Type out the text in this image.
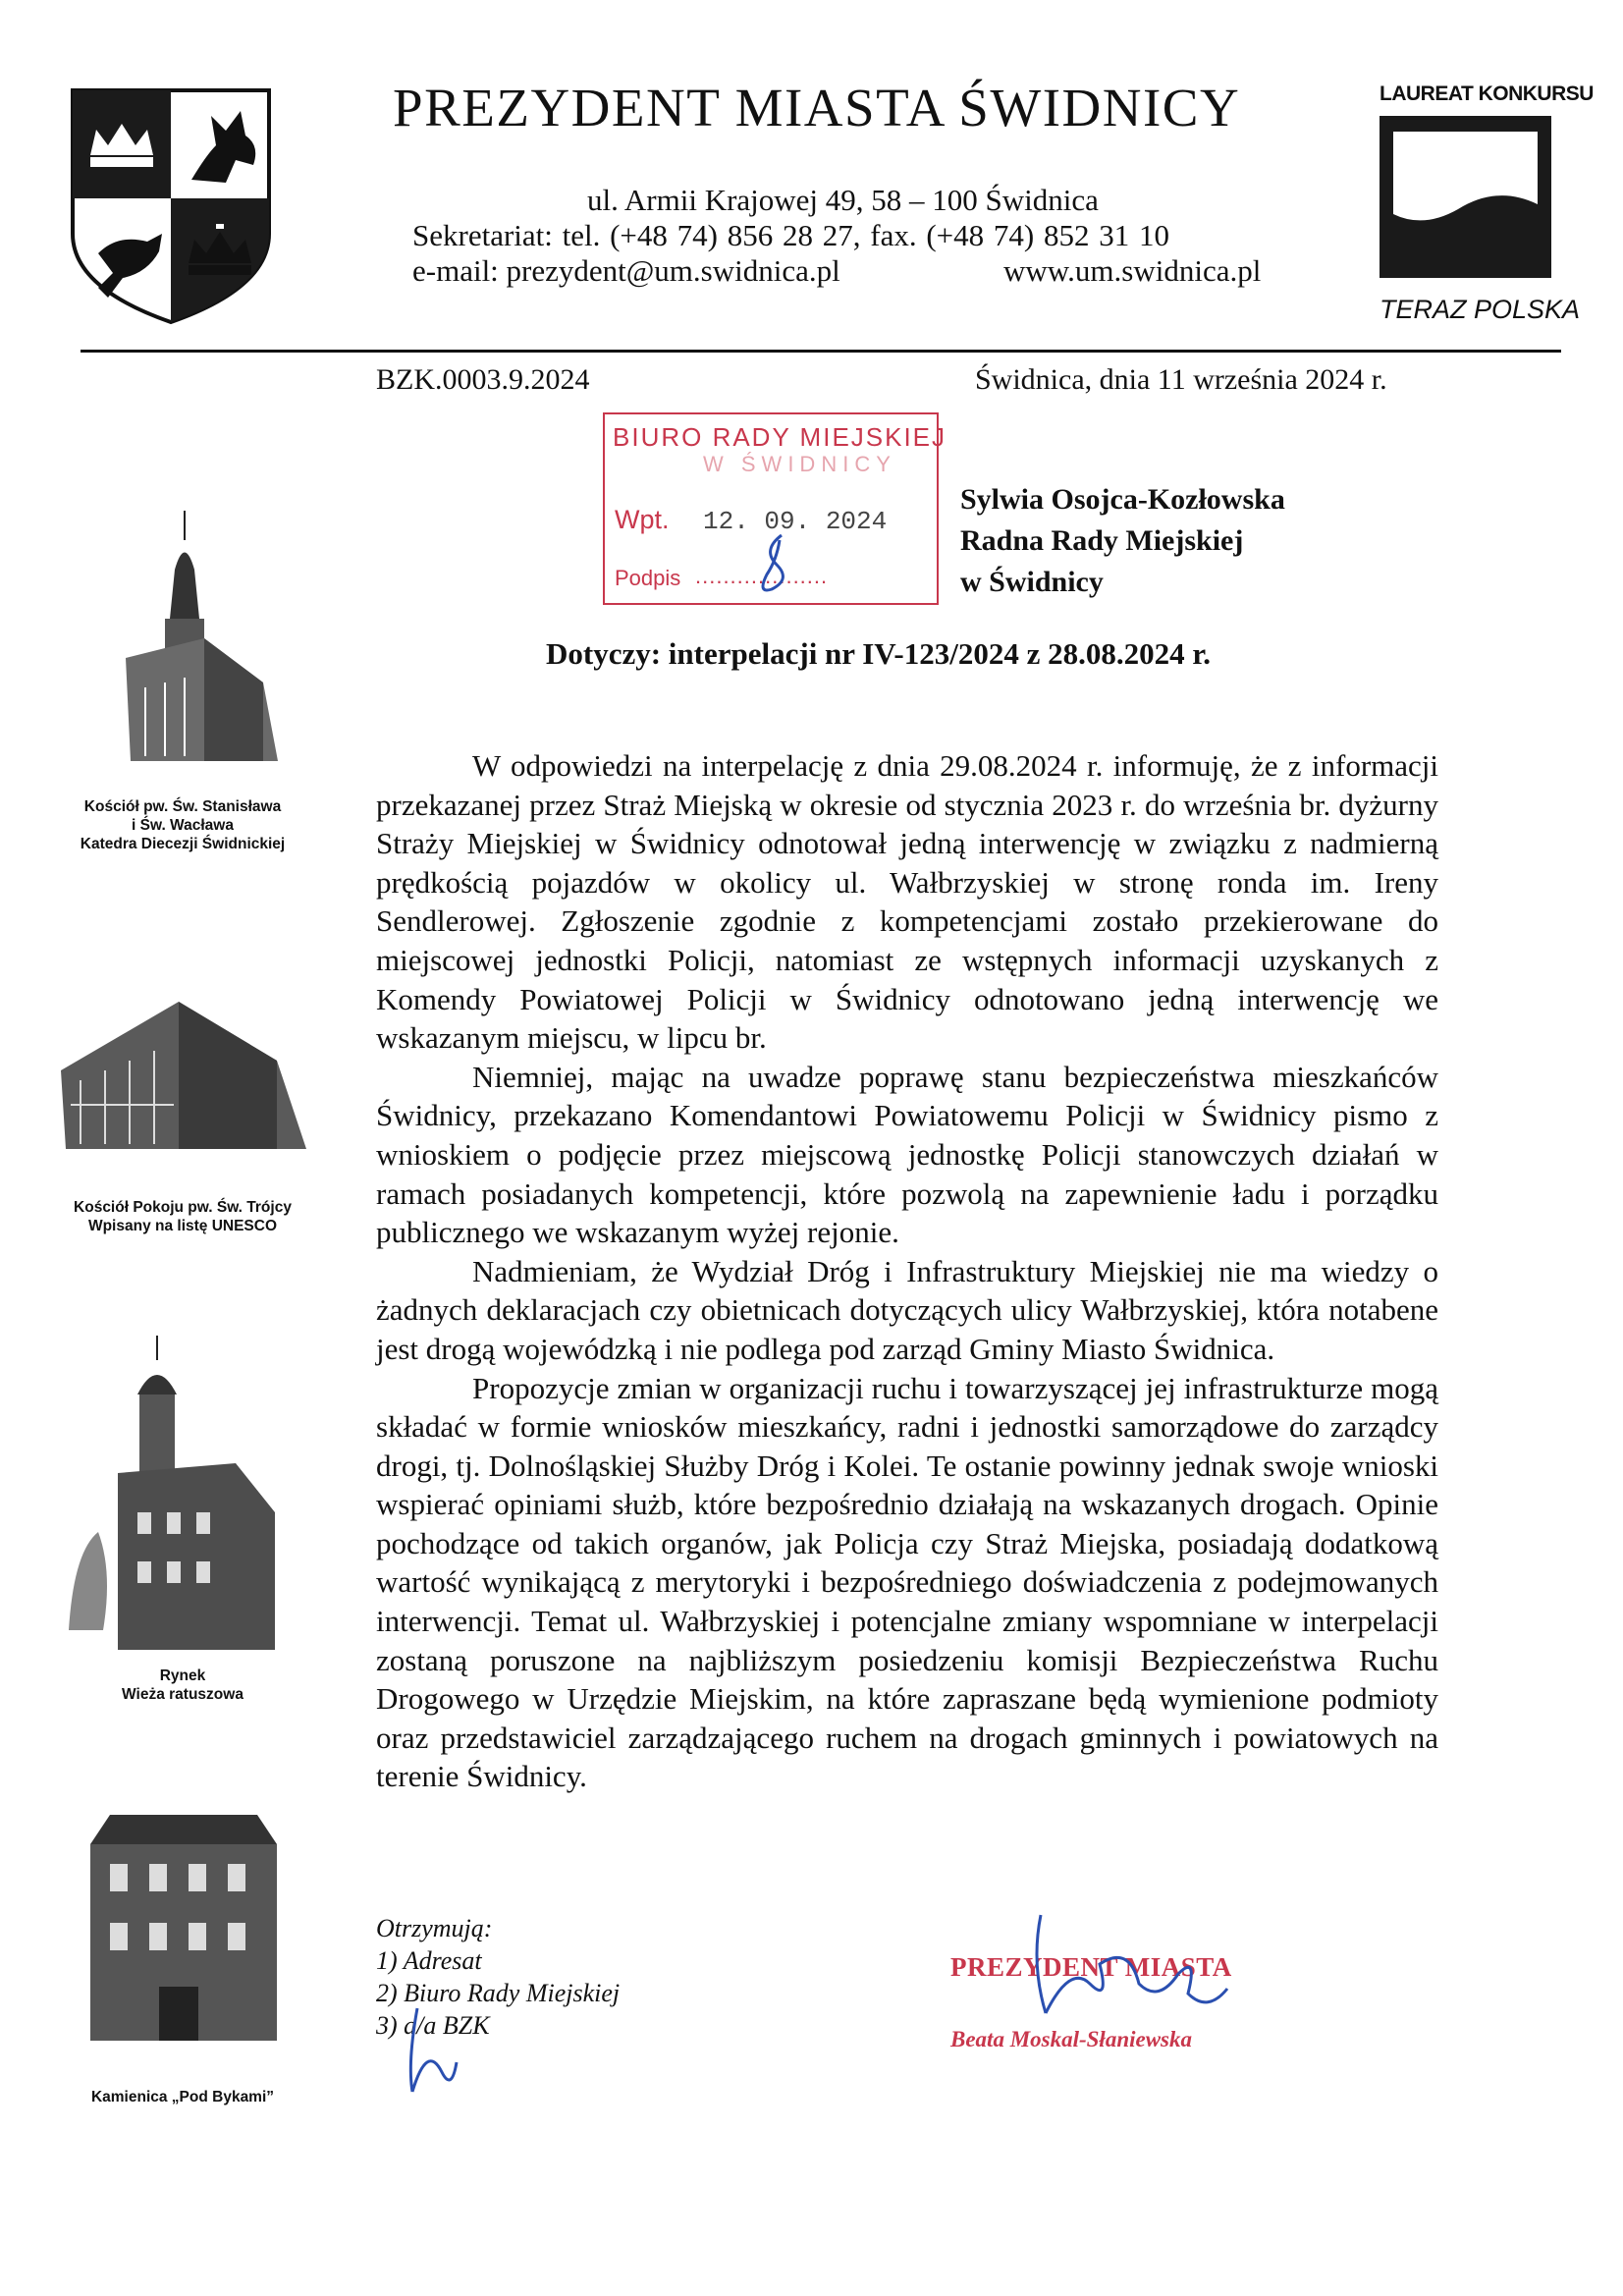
PREZYDENT MIASTA ŚWIDNICY
ul. Armii Krajowej 49, 58 – 100 Świdnica
Sekretariat: tel. (+48 74) 856 28 27, fax. (+48 74) 852 31 10
e-mail: prezydent@um.swidnica.pl	www.um.swidnica.pl
LAUREAT KONKURSU
TERAZ POLSKA
BZK.0003.9.2024	Świdnica, dnia 11 września 2024 r.
BIURO RADY MIEJSKIEJ
W ŚWIDNICY
Wpt. 12. 09. 2024
Podpis ...................
Sylwia Osojca-Kozłowska
Radna Rady Miejskiej
w Świdnicy
Dotyczy: interpelacji nr IV-123/2024 z 28.08.2024 r.

W odpowiedzi na interpelację z dnia 29.08.2024 r. informuję, że z informacji przekazanej przez Straż Miejską w okresie od stycznia 2023 r. do września br. dyżurny Straży Miejskiej w Świdnicy odnotował jedną interwencję w związku z nadmierną prędkością pojazdów w okolicy ul. Wałbrzyskiej w stronę ronda im. Ireny Sendlerowej. Zgłoszenie zgodnie z kompetencjami zostało przekierowane do miejscowej jednostki Policji, natomiast ze wstępnych informacji uzyskanych z Komendy Powiatowej Policji w Świdnicy odnotowano jedną interwencję we wskazanym miejscu, w lipcu br.

Niemniej, mając na uwadze poprawę stanu bezpieczeństwa mieszkańców Świdnicy, przekazano Komendantowi Powiatowemu Policji w Świdnicy pismo z wnioskiem o podjęcie przez miejscową jednostkę Policji stanowczych działań w ramach posiadanych kompetencji, które pozwolą na zapewnienie ładu i porządku publicznego we wskazanym wyżej rejonie.

Nadmieniam, że Wydział Dróg i Infrastruktury Miejskiej nie ma wiedzy o żadnych deklaracjach czy obietnicach dotyczących ulicy Wałbrzyskiej, która notabene jest drogą wojewódzką i nie podlega pod zarząd Gminy Miasto Świdnica.

Propozycje zmian w organizacji ruchu i towarzyszącej jej infrastrukturze mogą składać w formie wniosków mieszkańcy, radni i jednostki samorządowe do zarządcy drogi, tj. Dolnośląskiej Służby Dróg i Kolei. Te ostanie powinny jednak swoje wnioski wspierać opiniami służb, które bezpośrednio działają na wskazanych drogach. Opinie pochodzące od takich organów, jak Policja czy Straż Miejska, posiadają dodatkową wartość wynikającą z merytoryki i bezpośredniego doświadczenia z podejmowanych interwencji. Temat ul. Wałbrzyskiej i potencjalne zmiany wspomniane w interpelacji zostaną poruszone na najbliższym posiedzeniu komisji Bezpieczeństwa Ruchu Drogowego w Urzędzie Miejskim, na które zapraszane będą wymienione podmioty oraz przedstawiciel zarządzającego ruchem na drogach gminnych i powiatowych na terenie Świdnicy.

Kościół pw. Św. Stanisława
i Św. Wacława
Katedra Diecezji Świdnickiej
Kościół Pokoju pw. Św. Trójcy
Wpisany na listę UNESCO
Rynek
Wieża ratuszowa
Kamienica „Pod Bykami”
Otrzymują:
1) Adresat
2) Biuro Rady Miejskiej
3) a/a BZK
PREZYDENT MIASTA
Beata Moskal-Słaniewska
